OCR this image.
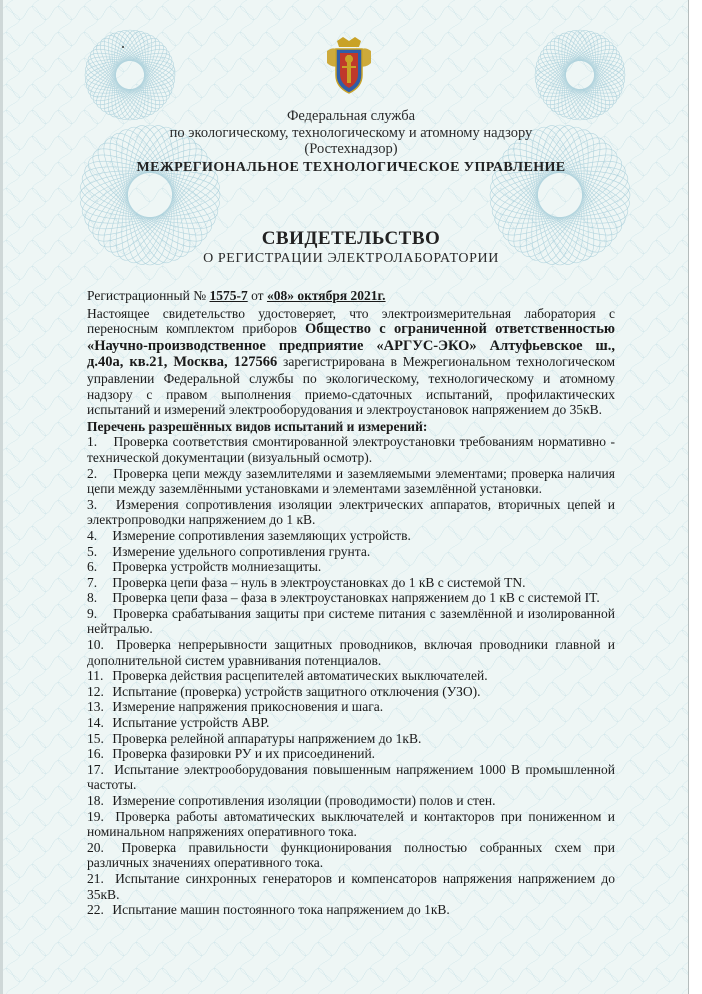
Федеральная служба
по экологическому, технологическому и атомному надзору
(Ростехнадзор)
МЕЖРЕГИОНАЛЬНОЕ ТЕХНОЛОГИЧЕСКОЕ УПРАВЛЕНИЕ
СВИДЕТЕЛЬСТВО
О РЕГИСТРАЦИИ ЭЛЕКТРОЛАБОРАТОРИИ
Регистрационный № 1575-7 от «08» октября 2021г.
Настоящее свидетельство удостоверяет, что электроизмерительная лаборатория с переносным комплектом приборов Общество с ограниченной ответственностью «Научно-производственное предприятие «АРГУС-ЭКО» Алтуфьевское ш., д.40а, кв.21, Москва, 127566 зарегистрирована в Межрегиональном технологическом управлении Федеральной службы по экологическому, технологическому и атомному надзору с правом выполнения приемо-сдаточных испытаний, профилактических испытаний и измерений электрооборудования и электроустановок напряжением до 35кВ.
Перечень разрешённых видов испытаний и измерений:
1. Проверка соответствия смонтированной электроустановки требованиям нормативно - технической документации (визуальный осмотр).
2. Проверка цепи между заземлителями и заземляемыми элементами; проверка наличия цепи между заземлёнными установками и элементами заземлённой установки.
3. Измерения сопротивления изоляции электрических аппаратов, вторичных цепей и электропроводки напряжением до 1 кВ.
4. Измерение сопротивления заземляющих устройств.
5. Измерение удельного сопротивления грунта.
6. Проверка устройств молниезащиты.
7. Проверка цепи фаза – нуль в электроустановках до 1 кВ с системой TN.
8. Проверка цепи фаза – фаза в электроустановках напряжением до 1 кВ с системой IT.
9. Проверка срабатывания защиты при системе питания с заземлённой и изолированной нейтралью.
10. Проверка непрерывности защитных проводников, включая проводники главной и дополнительной систем уравнивания потенциалов.
11. Проверка действия расцепителей автоматических выключателей.
12. Испытание (проверка) устройств защитного отключения (УЗО).
13. Измерение напряжения прикосновения и шага.
14. Испытание устройств АВР.
15. Проверка релейной аппаратуры напряжением до 1кВ.
16. Проверка фазировки РУ и их присоединений.
17. Испытание электрооборудования повышенным напряжением 1000 В промышленной частоты.
18. Измерение сопротивления изоляции (проводимости) полов и стен.
19. Проверка работы автоматических выключателей и контакторов при пониженном и номинальном напряжениях оперативного тока.
20. Проверка правильности функционирования полностью собранных схем при различных значениях оперативного тока.
21. Испытание синхронных генераторов и компенсаторов напряжения напряжением до 35кВ.
22. Испытание машин постоянного тока напряжением до 1кВ.
